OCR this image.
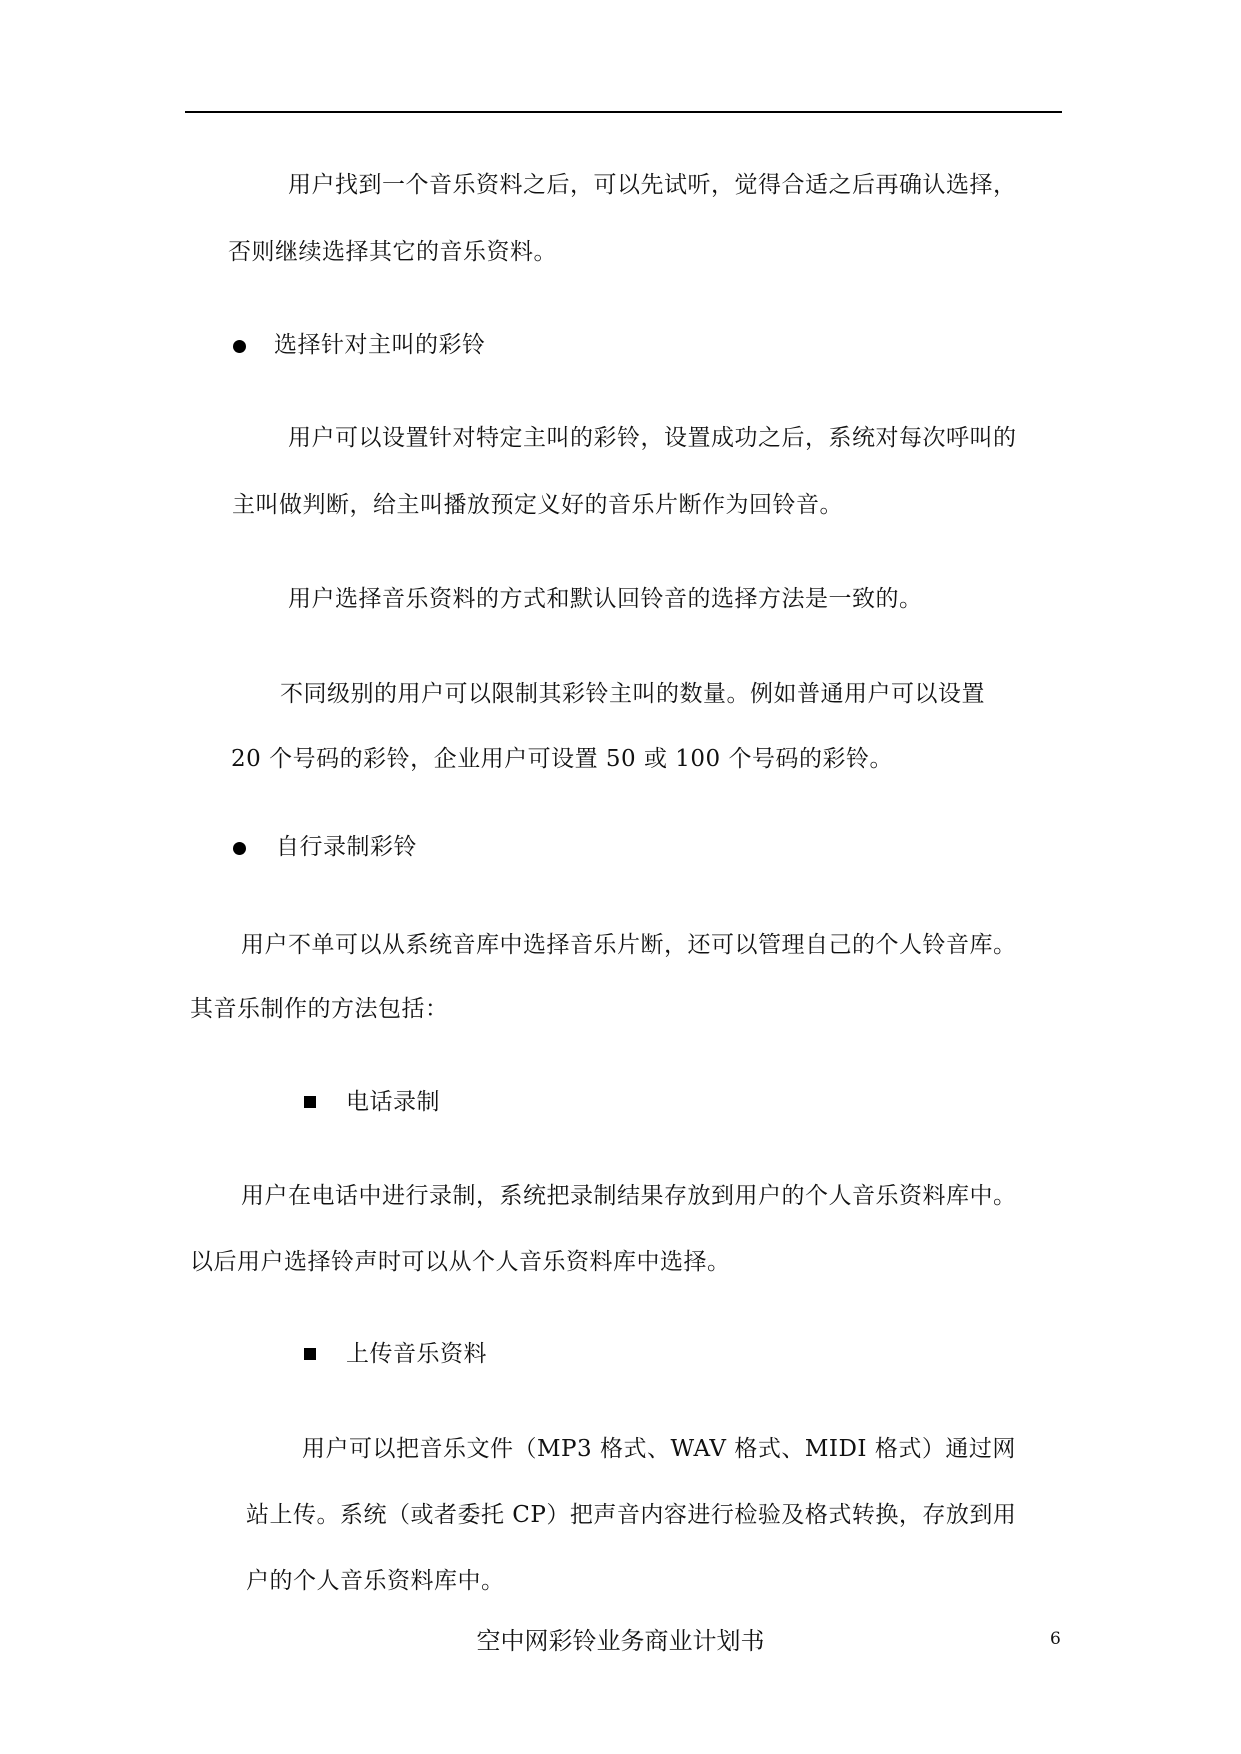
用户找到一个音乐资料之后，可以先试听，觉得合适之后再确认选择，
否则继续选择其它的音乐资料。
选择针对主叫的彩铃
用户可以设置针对特定主叫的彩铃，设置成功之后，系统对每次呼叫的
主叫做判断，给主叫播放预定义好的音乐片断作为回铃音。
用户选择音乐资料的方式和默认回铃音的选择方法是一致的。
不同级别的用户可以限制其彩铃主叫的数量。例如普通用户可以设置
20 个号码的彩铃，企业用户可设置 50 或 100 个号码的彩铃。
自行录制彩铃
用户不单可以从系统音库中选择音乐片断，还可以管理自己的个人铃音库。
其音乐制作的方法包括：
电话录制
用户在电话中进行录制，系统把录制结果存放到用户的个人音乐资料库中。
以后用户选择铃声时可以从个人音乐资料库中选择。
上传音乐资料
用户可以把音乐文件（MP3 格式、WAV 格式、MIDI 格式）通过网
站上传。系统（或者委托 CP）把声音内容进行检验及格式转换，存放到用
户的个人音乐资料库中。
空中网彩铃业务商业计划书	6
